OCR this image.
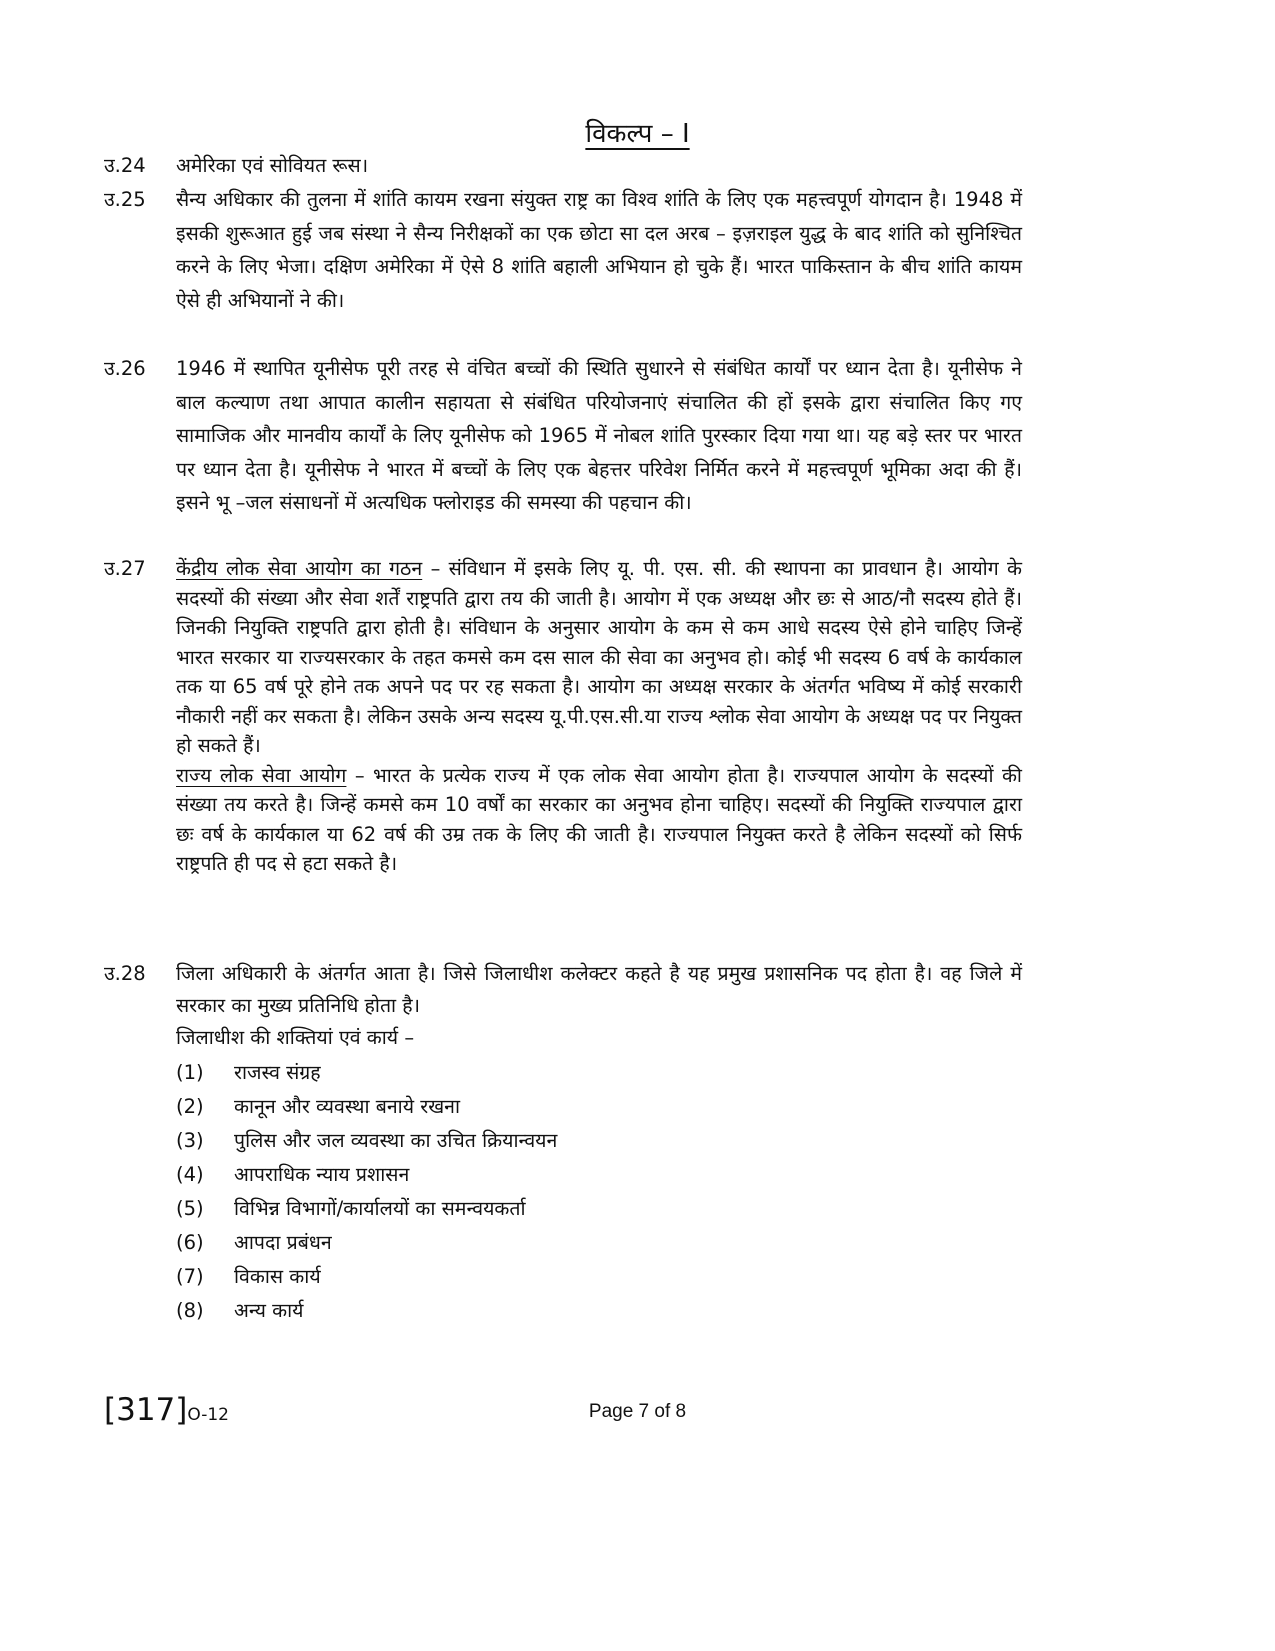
विकल्प – I
उ.24	अमेरिका एवं सोवियत रूस।
उ.25	सैन्य अधिकार की तुलना में शांति कायम रखना संयुक्त राष्ट्र का विश्व शांति के लिए एक महत्त्वपूर्ण योगदान है। 1948 में इसकी शुरूआत हुई जब संस्था ने सैन्य निरीक्षकों का एक छोटा सा दल अरब – इज़राइल युद्ध के बाद शांति को सुनिश्चित करने के लिए भेजा। दक्षिण अमेरिका में ऐसे 8 शांति बहाली अभियान हो चुके हैं। भारत पाकिस्तान के बीच शांति कायम ऐसे ही अभियानों ने की।
उ.26	1946 में स्थापित यूनीसेफ पूरी तरह से वंचित बच्चों की स्थिति सुधारने से संबंधित कार्यों पर ध्यान देता है। यूनीसेफ ने बाल कल्याण तथा आपात कालीन सहायता से संबंधित परियोजनाएं संचालित की हों इसके द्वारा संचालित किए गए सामाजिक और मानवीय कार्यों के लिए यूनीसेफ को 1965 में नोबल शांति पुरस्कार दिया गया था। यह बड़े स्तर पर भारत पर ध्यान देता है। यूनीसेफ ने भारत में बच्चों के लिए एक बेहत्तर परिवेश निर्मित करने में महत्त्वपूर्ण भूमिका अदा की हैं। इसने भू –जल संसाधनों में अत्यधिक फ्लोराइड की समस्या की पहचान की।
उ.27	केंद्रीय लोक सेवा आयोग का गठन – संविधान में इसके लिए यू. पी. एस. सी. की स्थापना का प्रावधान है। आयोग के सदस्यों की संख्या और सेवा शर्तें राष्ट्रपति द्वारा तय की जाती है। आयोग में एक अध्यक्ष और छः से आठ/नौ सदस्य होते हैं। जिनकी नियुक्ति राष्ट्रपति द्वारा होती है। संविधान के अनुसार आयोग के कम से कम आधे सदस्य ऐसे होने चाहिए जिन्हें भारत सरकार या राज्यसरकार के तहत कमसे कम दस साल की सेवा का अनुभव हो। कोई भी सदस्य 6 वर्ष के कार्यकाल तक या 65 वर्ष पूरे होने तक अपने पद पर रह सकता है। आयोग का अध्यक्ष सरकार के अंतर्गत भविष्य में कोई सरकारी नौकारी नहीं कर सकता है। लेकिन उसके अन्य सदस्य यू.पी.एस.सी.या राज्य श्लोक सेवा आयोग के अध्यक्ष पद पर नियुक्त हो सकते हैं।

राज्य लोक सेवा आयोग – भारत के प्रत्येक राज्य में एक लोक सेवा आयोग होता है। राज्यपाल आयोग के सदस्यों की संख्या तय करते है। जिन्हें कमसे कम 10 वर्षों का सरकार का अनुभव होना चाहिए। सदस्यों की नियुक्ति राज्यपाल द्वारा छः वर्ष के कार्यकाल या 62 वर्ष की उम्र तक के लिए की जाती है। राज्यपाल नियुक्त करते है लेकिन सदस्यों को सिर्फ राष्ट्रपति ही पद से हटा सकते है।

उ.28	जिला अधिकारी के अंतर्गत आता है। जिसे जिलाधीश कलेक्टर कहते है यह प्रमुख प्रशासनिक पद होता है। वह जिले में सरकार का मुख्य प्रतिनिधि होता है।

जिलाधीश की शक्तियां एवं कार्य –

(1) राजस्व संग्रह
(2) कानून और व्यवस्था बनाये रखना
(3) पुलिस और जल व्यवस्था का उचित क्रियान्वयन
(4) आपराधिक न्याय प्रशासन
(5) विभिन्न विभागों/कार्यालयों का समन्वयकर्ता
(6) आपदा प्रबंधन
(7) विकास कार्य
(8) अन्य कार्य
[317]O-12	Page 7 of 8
